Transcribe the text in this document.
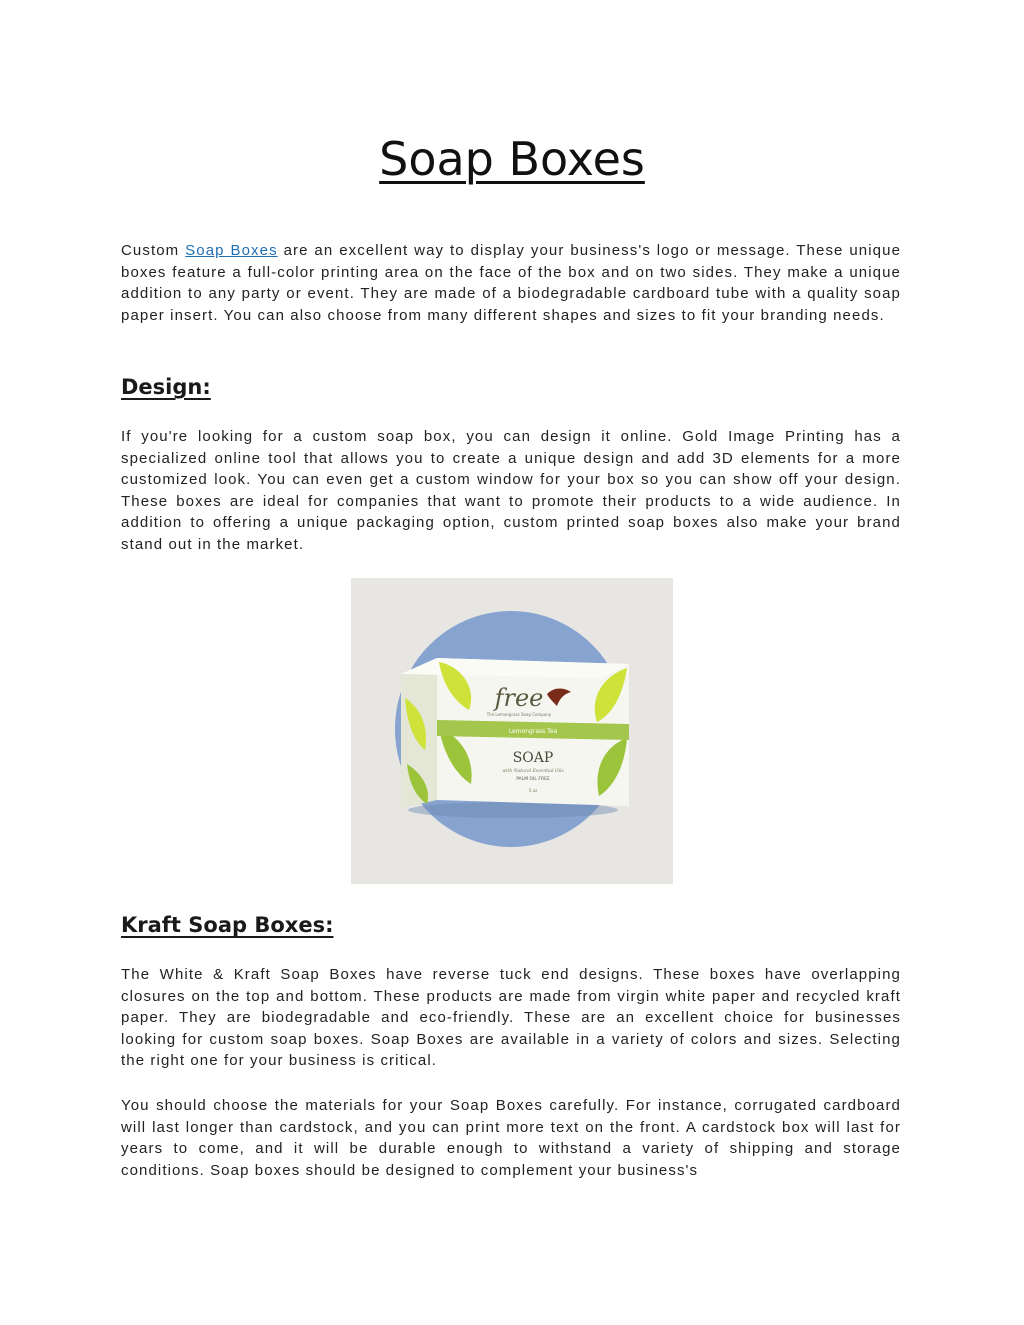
Soap Boxes

Custom Soap Boxes are an excellent way to display your business's logo or message. These unique boxes feature a full-color printing area on the face of the box and on two sides. They make a unique addition to any party or event. They are made of a biodegradable cardboard tube with a quality soap paper insert. You can also choose from many different shapes and sizes to fit your branding needs.

Design:

If you're looking for a custom soap box, you can design it online. Gold Image Printing has a specialized online tool that allows you to create a unique design and add 3D elements for a more customized look. You can even get a custom window for your box so you can show off your design. These boxes are ideal for companies that want to promote their products to a wide audience. In addition to offering a unique packaging option, custom printed soap boxes also make your brand stand out in the market.

free
The Lemongrass Soap Company
Lemongrass Tea
SOAP
with Natural Essential Oils
PALM OIL FREE
5 oz
Kraft Soap Boxes:

The White & Kraft Soap Boxes have reverse tuck end designs. These boxes have overlapping closures on the top and bottom. These products are made from virgin white paper and recycled kraft paper. They are biodegradable and eco-friendly. These are an excellent choice for businesses looking for custom soap boxes. Soap Boxes are available in a variety of colors and sizes. Selecting the right one for your business is critical.

You should choose the materials for your Soap Boxes carefully. For instance, corrugated cardboard will last longer than cardstock, and you can print more text on the front. A cardstock box will last for years to come, and it will be durable enough to withstand a variety of shipping and storage conditions. Soap boxes should be designed to complement your business's
